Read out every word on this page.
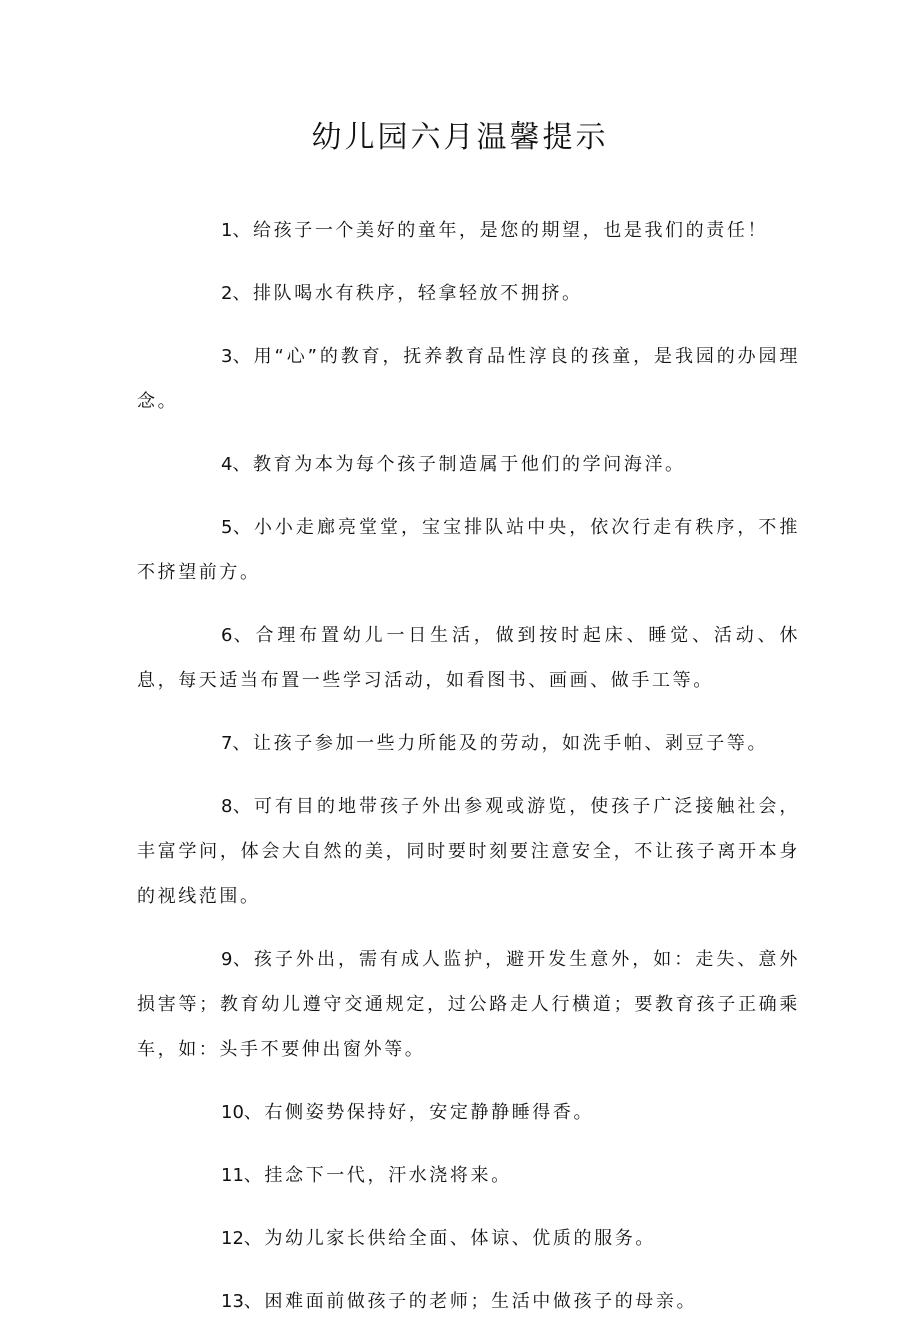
幼儿园六月温馨提示

1、给孩子一个美好的童年，是您的期望，也是我们的责任！

2、排队喝水有秩序，轻拿轻放不拥挤。

3、用“心”的教育，抚养教育品性淳良的孩童，是我园的办园理念。

4、教育为本为每个孩子制造属于他们的学问海洋。

5、小小走廊亮堂堂，宝宝排队站中央，依次行走有秩序，不推不挤望前方。

6、合理布置幼儿一日生活，做到按时起床、睡觉、活动、休息，每天适当布置一些学习活动，如看图书、画画、做手工等。

7、让孩子参加一些力所能及的劳动，如洗手帕、剥豆子等。

8、可有目的地带孩子外出参观或游览，使孩子广泛接触社会，丰富学问，体会大自然的美，同时要时刻要注意安全，不让孩子离开本身的视线范围。

9、孩子外出，需有成人监护，避开发生意外，如：走失、意外损害等；教育幼儿遵守交通规定，过公路走人行横道；要教育孩子正确乘车，如：头手不要伸出窗外等。

10、右侧姿势保持好，安定静静睡得香。

11、挂念下一代，汗水浇将来。

12、为幼儿家长供给全面、体谅、优质的服务。

13、困难面前做孩子的老师；生活中做孩子的母亲。
